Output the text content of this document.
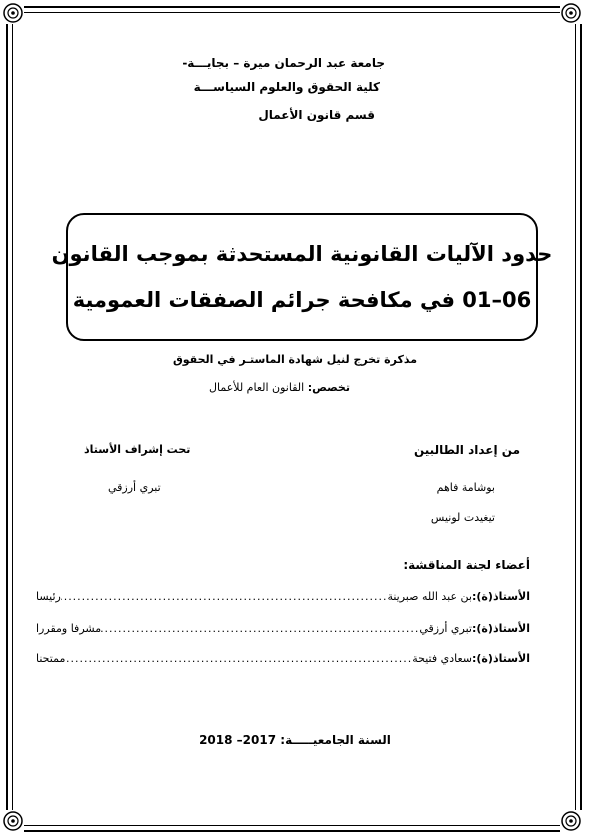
جامعة عبد الرحمان ميرة – بجايـــة-
كلية الحقوق والعلوم السياســـة
قسم قانون الأعمال
حدود الآليات القانونية المستحدثة بموجب القانون
06–01 في مكافحة جرائم الصفقات العمومية
مذكرة تخرج لنيل شهادة الماستـر في الحقوق
تخصص: القانون العام للأعمال
من إعداد الطالبين
تحت إشراف الأستاذ
بوشامة فاهم
تيغيدت لونيس
تبري أرزقي
أعضاء لجنة المناقشة:
الأستاذ(ة):
بن عبد الله صبرينة
.....
رئيسا
الأستاذ(ة):
تبري أرزقي
.....
مشرفا ومقررا
الأستاذ(ة):
سعادي فتيحة
.....
ممتحنا
السنة الجامعيـــــة: 2017– 2018
